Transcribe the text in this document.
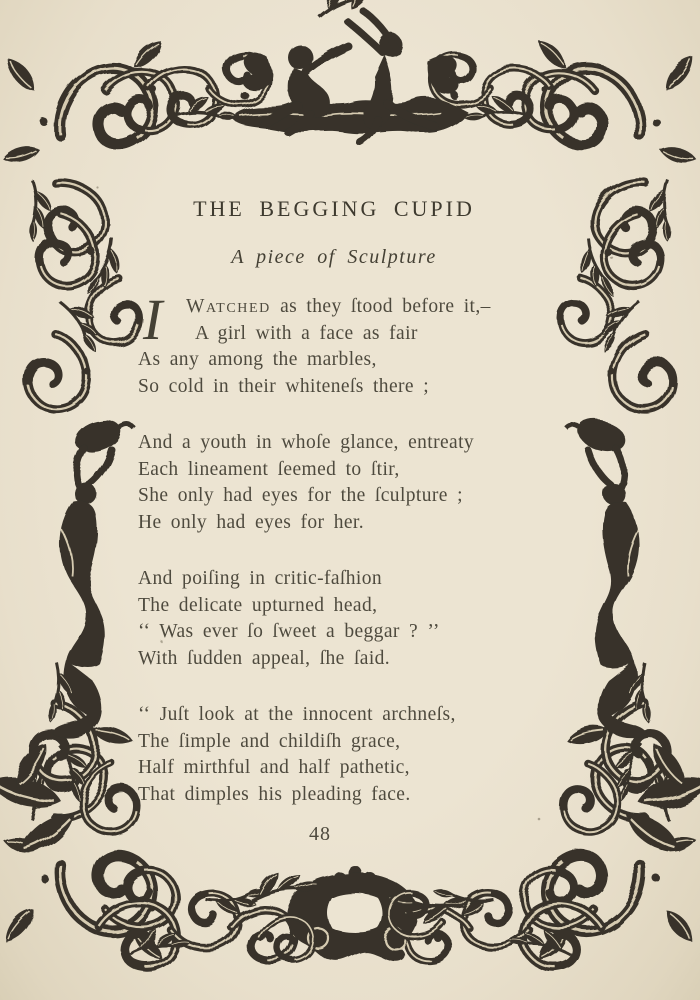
THE BEGGING CUPID
A piece of Sculpture
I	Watched as they ſtood before it,–
A girl with a face as fair
As any among the marbles,
So cold in their whiteneſs there ;
And a youth in whoſe glance, entreaty
Each lineament ſeemed to ſtir,
She only had eyes for the ſculpture ;
He only had eyes for her.
And poiſing in critic-faſhion
The delicate upturned head,
‘‘ Was ever ſo ſweet a beggar ? ’’
With ſudden appeal, ſhe ſaid.
‘‘ Juſt look at the innocent archneſs,
The ſimple and childiſh grace,
Half mirthful and half pathetic,
That dimples his pleading face.
48
